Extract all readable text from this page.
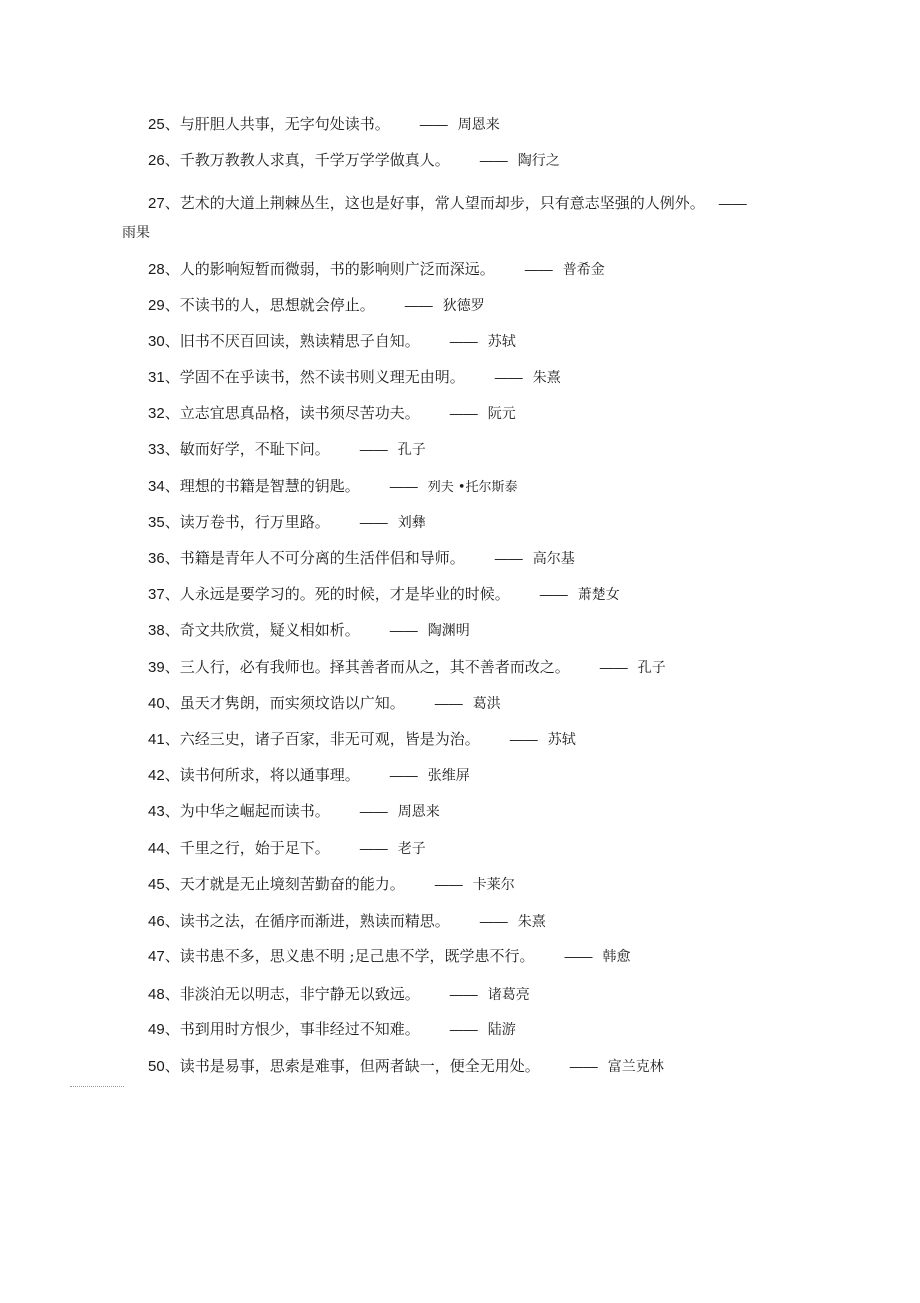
25、与肝胆人共事，无字句处读书。 —— 周恩来

26、千教万教教人求真，千学万学学做真人。 —— 陶行之

27、艺术的大道上荆棘丛生，这也是好事，常人望而却步，只有意志坚强的人例外。 ——雨果

28、人的影响短暂而微弱，书的影响则广泛而深远。 —— 普希金

29、不读书的人，思想就会停止。 —— 狄德罗

30、旧书不厌百回读，熟读精思子自知。 —— 苏轼

31、学固不在乎读书，然不读书则义理无由明。 —— 朱熹

32、立志宜思真品格，读书须尽苦功夫。 —— 阮元

33、敏而好学，不耻下问。 —— 孔子

34、理想的书籍是智慧的钥匙。 —— 列夫 •托尔斯泰

35、读万卷书，行万里路。 —— 刘彝

36、书籍是青年人不可分离的生活伴侣和导师。 —— 高尔基

37、人永远是要学习的。死的时候，才是毕业的时候。 —— 萧楚女

38、奇文共欣赏，疑义相如析。 —— 陶渊明

39、三人行，必有我师也。择其善者而从之，其不善者而改之。 —— 孔子

40、虽天才隽朗，而实须坟诰以广知。 —— 葛洪

41、六经三史，诸子百家，非无可观，皆是为治。 —— 苏轼

42、读书何所求，将以通事理。 —— 张维屏

43、为中华之崛起而读书。 —— 周恩来

44、千里之行，始于足下。 —— 老子

45、天才就是无止境刻苦勤奋的能力。 —— 卡莱尔

46、读书之法，在循序而渐进，熟读而精思。 —— 朱熹

47、读书患不多，思义患不明 ;足己患不学，既学患不行。 —— 韩愈

48、非淡泊无以明志，非宁静无以致远。 —— 诸葛亮

49、书到用时方恨少，事非经过不知难。 —— 陆游

50、读书是易事，思索是难事，但两者缺一，便全无用处。 —— 富兰克林
